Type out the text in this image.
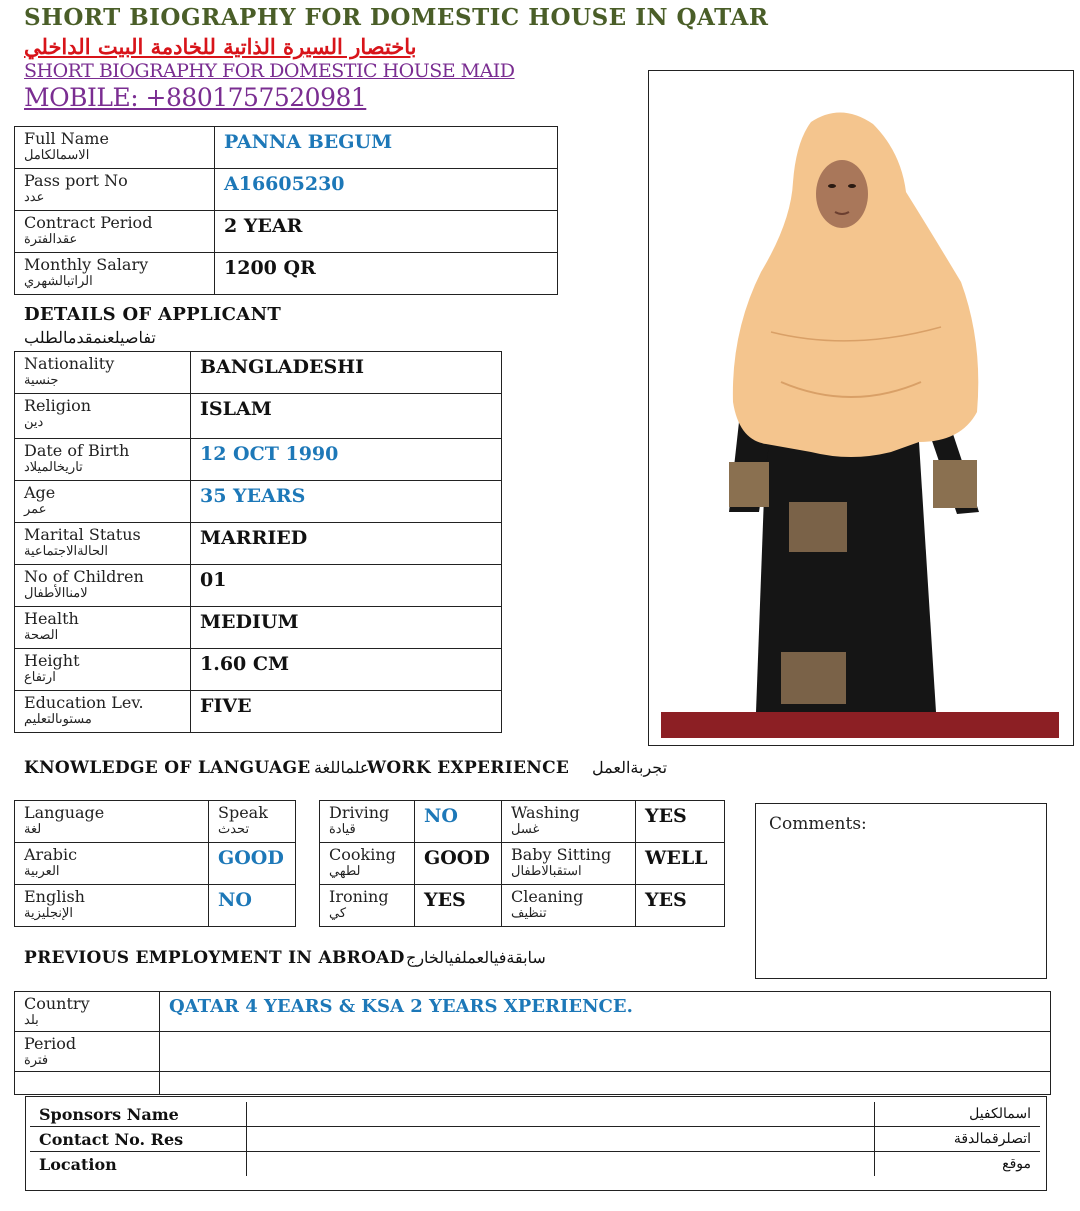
SHORT BIOGRAPHY FOR DOMESTIC HOUSE IN QATAR
باختصار السيرة الذاتية للخادمة البيت الداخلي
SHORT BIOGRAPHY FOR DOMESTIC HOUSE MAID
MOBILE: +8801757520981
Full Name
الاسمالكامل	PANNA BEGUM

Pass port No
عدد	A16605230

Contract Period
عقدالفترة	2 YEAR

Monthly Salary
الراتبالشهري	1200 QR
DETAILS OF APPLICANT
تفاصيلعنمقدمالطلب
Nationality
جنسية	BANGLADESHI

Religion
دين	ISLAM

Date of Birth
تاريخالميلاد	12 OCT 1990

Age
عمر	35 YEARS

Marital Status
الحالةالاجتماعية	MARRIED

No of Children
لامناالأطفال	01

Health
الصحة	MEDIUM

Height
ارتفاع	1.60 CM

Education Lev.
مستوىالتعليم	FIVE
KNOWLEDGE OF LANGUAGE علماللغة
WORK EXPERIENCE تجربةالعمل
Language
لغة	Speak
تحدث

Arabic
العربية	GOOD

English
الإنجليزية	NO
Driving
قيادة	NO	Washing
غسل	YES

Cooking
لطهي	GOOD	Baby Sitting
استقبالاطفال	WELL

Ironing
كي	YES	Cleaning
تنظيف	YES
Comments:
PREVIOUS EMPLOYMENT IN ABROAD سابقةفيالعملفيالخارج
Country
بلد	QATAR 4 YEARS & KSA 2 YEARS XPERIENCE.

Period
فترة	

Sponsors Name		اسمالكفيل
Contact No. Res		اتصلرقمالدقة
Location		موقع
